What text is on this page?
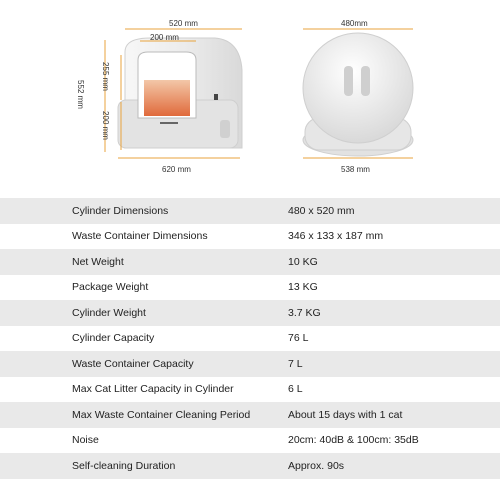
520 mm
200 mm
552 mm
255 mm
200 mm
620 mm
480mm
538 mm
Cylinder Dimensions	480 x 520 mm
Waste Container Dimensions	346 x 133 x 187 mm
Net Weight	10 KG
Package Weight	13 KG
Cylinder Weight	3.7 KG
Cylinder Capacity	76 L
Waste Container Capacity	7 L
Max Cat Litter Capacity in Cylinder	6 L
Max Waste Container Cleaning Period	About 15 days with 1 cat
Noise	20cm: 40dB & 100cm: 35dB
Self-cleaning Duration	Approx. 90s
